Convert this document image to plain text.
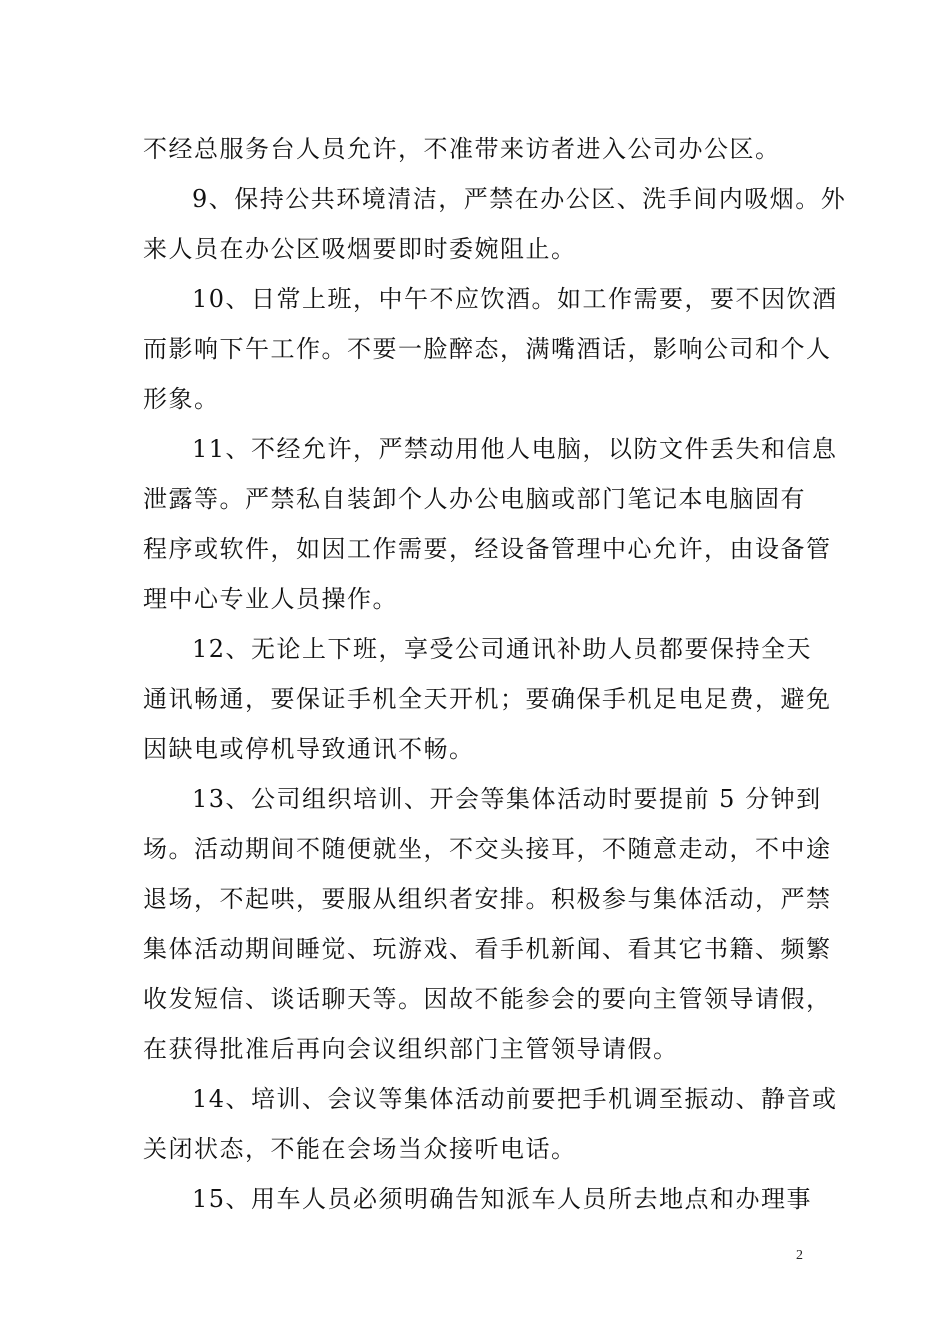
不经总服务台人员允许，不准带来访者进入公司办公区。
9、保持公共环境清洁，严禁在办公区、洗手间内吸烟。外
来人员在办公区吸烟要即时委婉阻止。
10、日常上班，中午不应饮酒。如工作需要，要不因饮酒
而影响下午工作。不要一脸醉态，满嘴酒话，影响公司和个人
形象。
11、不经允许，严禁动用他人电脑，以防文件丢失和信息
泄露等。严禁私自装卸个人办公电脑或部门笔记本电脑固有
程序或软件，如因工作需要，经设备管理中心允许，由设备管
理中心专业人员操作。
12、无论上下班，享受公司通讯补助人员都要保持全天
通讯畅通，要保证手机全天开机；要确保手机足电足费，避免
因缺电或停机导致通讯不畅。
13、公司组织培训、开会等集体活动时要提前 5 分钟到
场。活动期间不随便就坐，不交头接耳，不随意走动，不中途
退场，不起哄，要服从组织者安排。积极参与集体活动，严禁
集体活动期间睡觉、玩游戏、看手机新闻、看其它书籍、频繁
收发短信、谈话聊天等。因故不能参会的要向主管领导请假，
在获得批准后再向会议组织部门主管领导请假。
14、培训、会议等集体活动前要把手机调至振动、静音或
关闭状态，不能在会场当众接听电话。
15、用车人员必须明确告知派车人员所去地点和办理事
2
